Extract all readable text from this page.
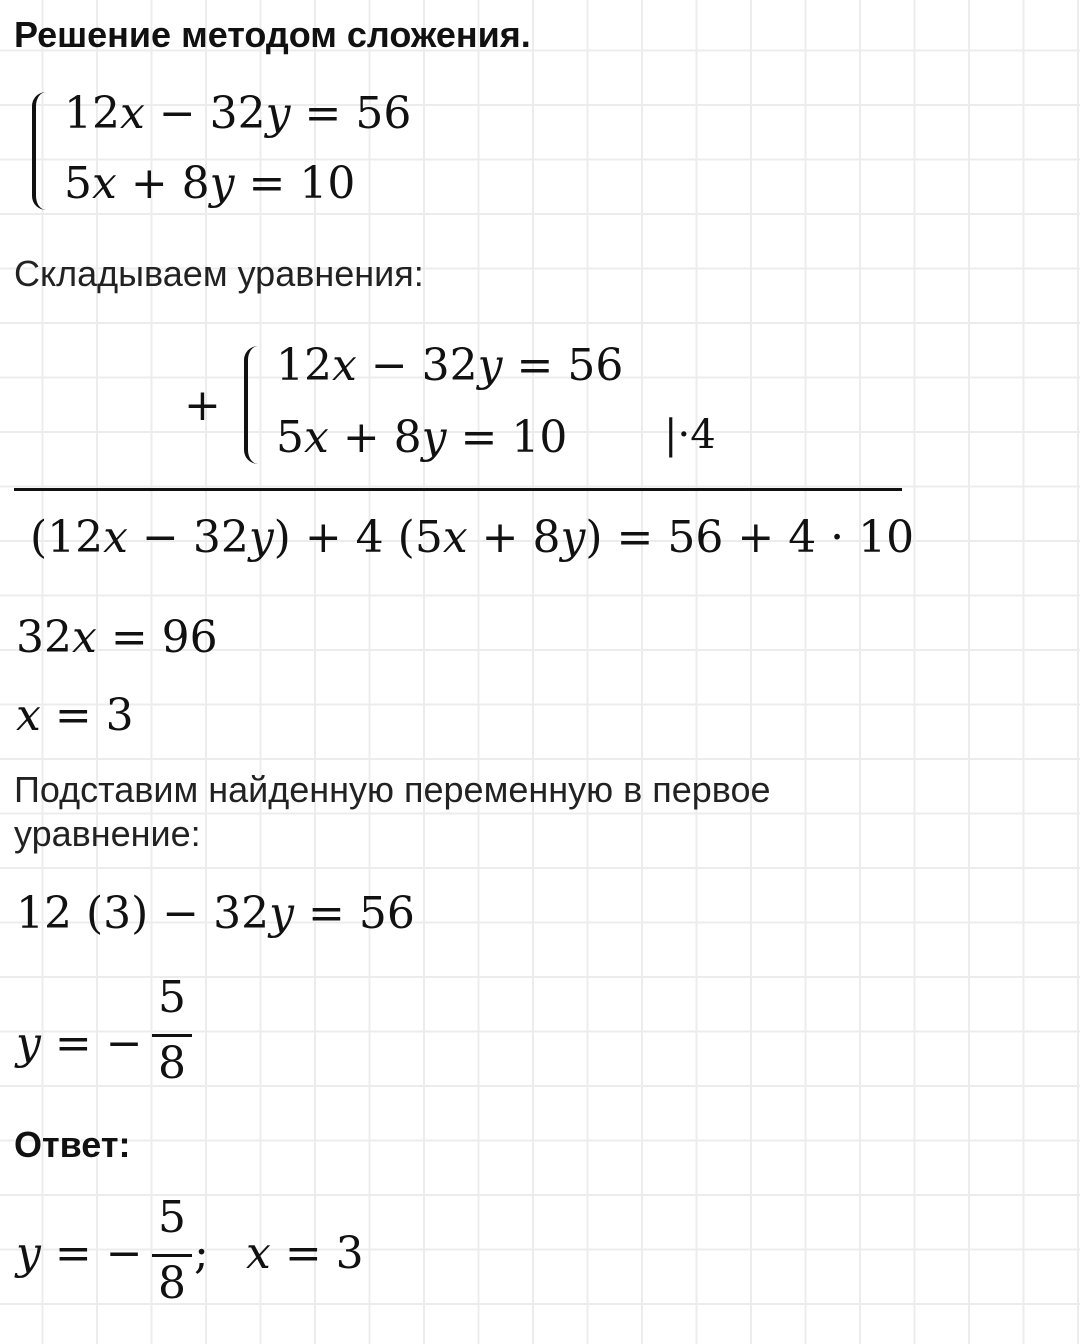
Решение методом сложения.
12x − 32y = 56
5x + 8y = 10
Складываем уравнения:
+
12x − 32y = 56
5x + 8y = 10 |·4
(12x − 32y) + 4 (5x + 8y) = 56 + 4 · 10
32x = 96
x = 3
Подставим найденную переменную в первое
уравнение:
12 (3) − 32y = 56
y = −
5
8
Ответ:
y = −
5
8
; x = 3
